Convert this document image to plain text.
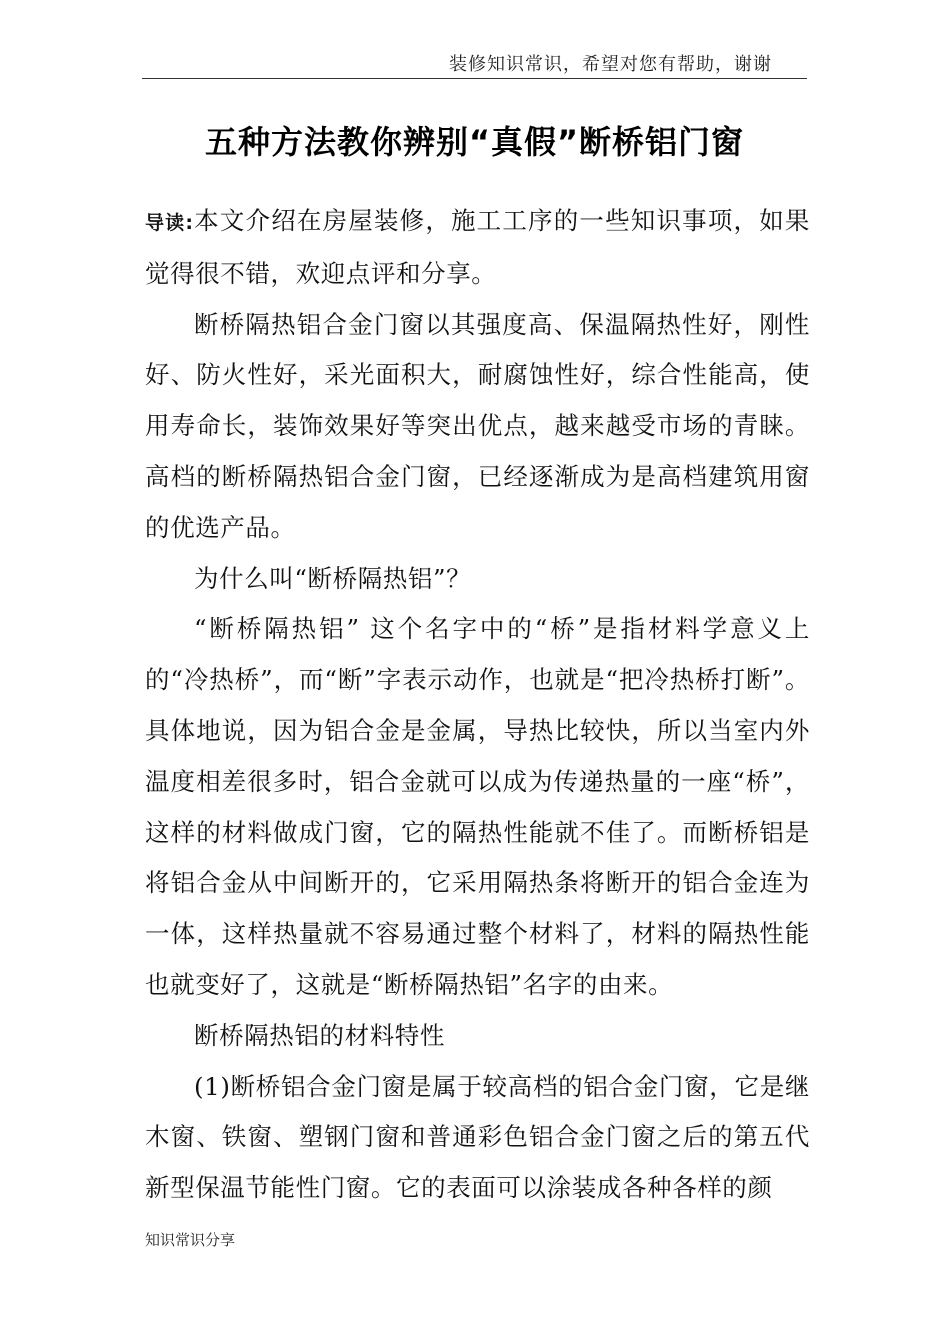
装修知识常识，希望对您有帮助，谢谢
五种方法教你辨别“真假”断桥铝门窗

导读:本文介绍在房屋装修，施工工序的一些知识事项，如果觉得很不错，欢迎点评和分享。

断桥隔热铝合金门窗以其强度高、保温隔热性好，刚性好、防火性好，采光面积大，耐腐蚀性好，综合性能高，使用寿命长，装饰效果好等突出优点，越来越受市场的青睐。高档的断桥隔热铝合金门窗，已经逐渐成为是高档建筑用窗的优选产品。

为什么叫“断桥隔热铝”？

“断桥隔热铝” 这个名字中的“桥”是指材料学意义上的“冷热桥”，而“断”字表示动作，也就是“把冷热桥打断”。具体地说，因为铝合金是金属，导热比较快，所以当室内外温度相差很多时，铝合金就可以成为传递热量的一座“桥”，这样的材料做成门窗，它的隔热性能就不佳了。而断桥铝是将铝合金从中间断开的，它采用隔热条将断开的铝合金连为一体，这样热量就不容易通过整个材料了，材料的隔热性能也就变好了，这就是“断桥隔热铝”名字的由来。

断桥隔热铝的材料特性

(1)断桥铝合金门窗是属于较高档的铝合金门窗，它是继木窗、铁窗、塑钢门窗和普通彩色铝合金门窗之后的第五代新型保温节能性门窗。它的表面可以涂装成各种各样的颜

知识常识分享
